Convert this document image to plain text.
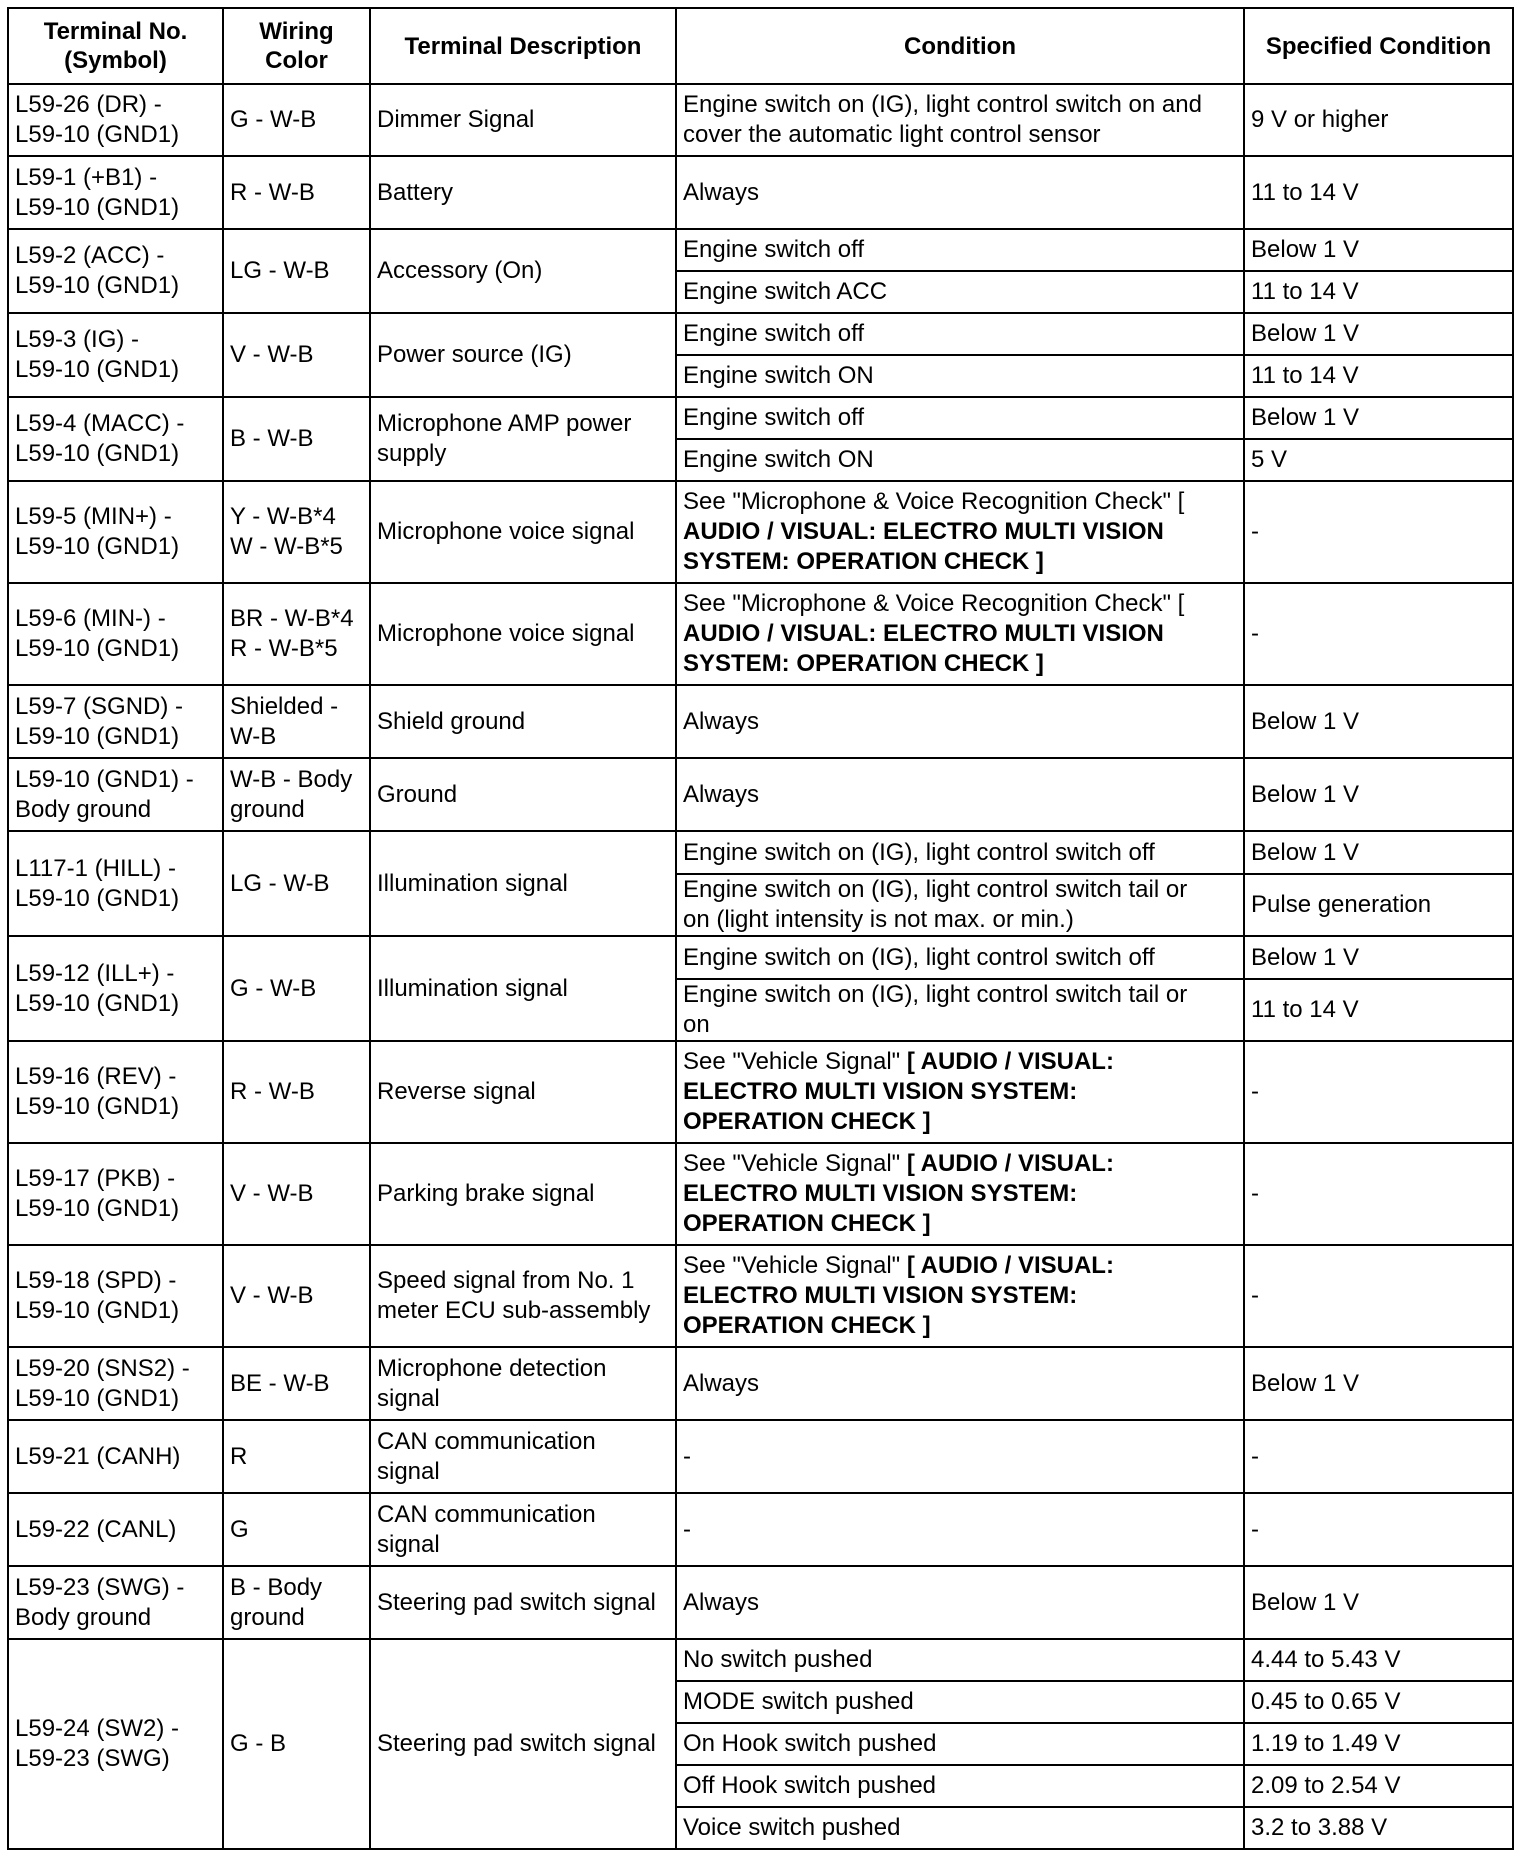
Terminal No.
(Symbol)	Wiring
Color	Terminal Description	Condition	Specified Condition

L59-26 (DR) -
L59-10 (GND1)	G - W-B	Dimmer Signal	Engine switch on (IG), light control switch on and
cover the automatic light control sensor	9 V or higher

L59-1 (+B1) -
L59-10 (GND1)	R - W-B	Battery	Always	11 to 14 V

L59-2 (ACC) -
L59-10 (GND1)	LG - W-B	Accessory (On)	Engine switch off	Below 1 V

			Engine switch ACC	11 to 14 V

L59-3 (IG) -
L59-10 (GND1)	V - W-B	Power source (IG)	Engine switch off	Below 1 V

			Engine switch ON	11 to 14 V

L59-4 (MACC) -
L59-10 (GND1)	B - W-B	Microphone AMP power
supply	Engine switch off	Below 1 V

			Engine switch ON	5 V

L59-5 (MIN+) -
L59-10 (GND1)	Y - W-B*4
W - W-B*5	Microphone voice signal	See "Microphone & Voice Recognition Check" [
AUDIO / VISUAL: ELECTRO MULTI VISION
SYSTEM: OPERATION CHECK ]	-

L59-6 (MIN-) -
L59-10 (GND1)	BR - W-B*4
R - W-B*5	Microphone voice signal	See "Microphone & Voice Recognition Check" [
AUDIO / VISUAL: ELECTRO MULTI VISION
SYSTEM: OPERATION CHECK ]	-

L59-7 (SGND) -
L59-10 (GND1)	Shielded -
W-B	Shield ground	Always	Below 1 V

L59-10 (GND1) -
Body ground	W-B - Body
ground	Ground	Always	Below 1 V

L117-1 (HILL) -
L59-10 (GND1)	LG - W-B	Illumination signal	Engine switch on (IG), light control switch off	Below 1 V

			Engine switch on (IG), light control switch tail or
on (light intensity is not max. or min.)	Pulse generation

L59-12 (ILL+) -
L59-10 (GND1)	G - W-B	Illumination signal	Engine switch on (IG), light control switch off	Below 1 V

			Engine switch on (IG), light control switch tail or
on	11 to 14 V

L59-16 (REV) -
L59-10 (GND1)	R - W-B	Reverse signal	See "Vehicle Signal" [ AUDIO / VISUAL:
ELECTRO MULTI VISION SYSTEM:
OPERATION CHECK ]	-

L59-17 (PKB) -
L59-10 (GND1)	V - W-B	Parking brake signal	See "Vehicle Signal" [ AUDIO / VISUAL:
ELECTRO MULTI VISION SYSTEM:
OPERATION CHECK ]	-

L59-18 (SPD) -
L59-10 (GND1)	V - W-B	Speed signal from No. 1
meter ECU sub-assembly	See "Vehicle Signal" [ AUDIO / VISUAL:
ELECTRO MULTI VISION SYSTEM:
OPERATION CHECK ]	-

L59-20 (SNS2) -
L59-10 (GND1)	BE - W-B	Microphone detection
signal	Always	Below 1 V

L59-21 (CANH)	R	CAN communication
signal	-	-

L59-22 (CANL)	G	CAN communication
signal	-	-

L59-23 (SWG) -
Body ground	B - Body
ground	Steering pad switch signal	Always	Below 1 V

L59-24 (SW2) -
L59-23 (SWG)	G - B	Steering pad switch signal	No switch pushed	4.44 to 5.43 V

			MODE switch pushed	0.45 to 0.65 V

			On Hook switch pushed	1.19 to 1.49 V

			Off Hook switch pushed	2.09 to 2.54 V

			Voice switch pushed	3.2 to 3.88 V
